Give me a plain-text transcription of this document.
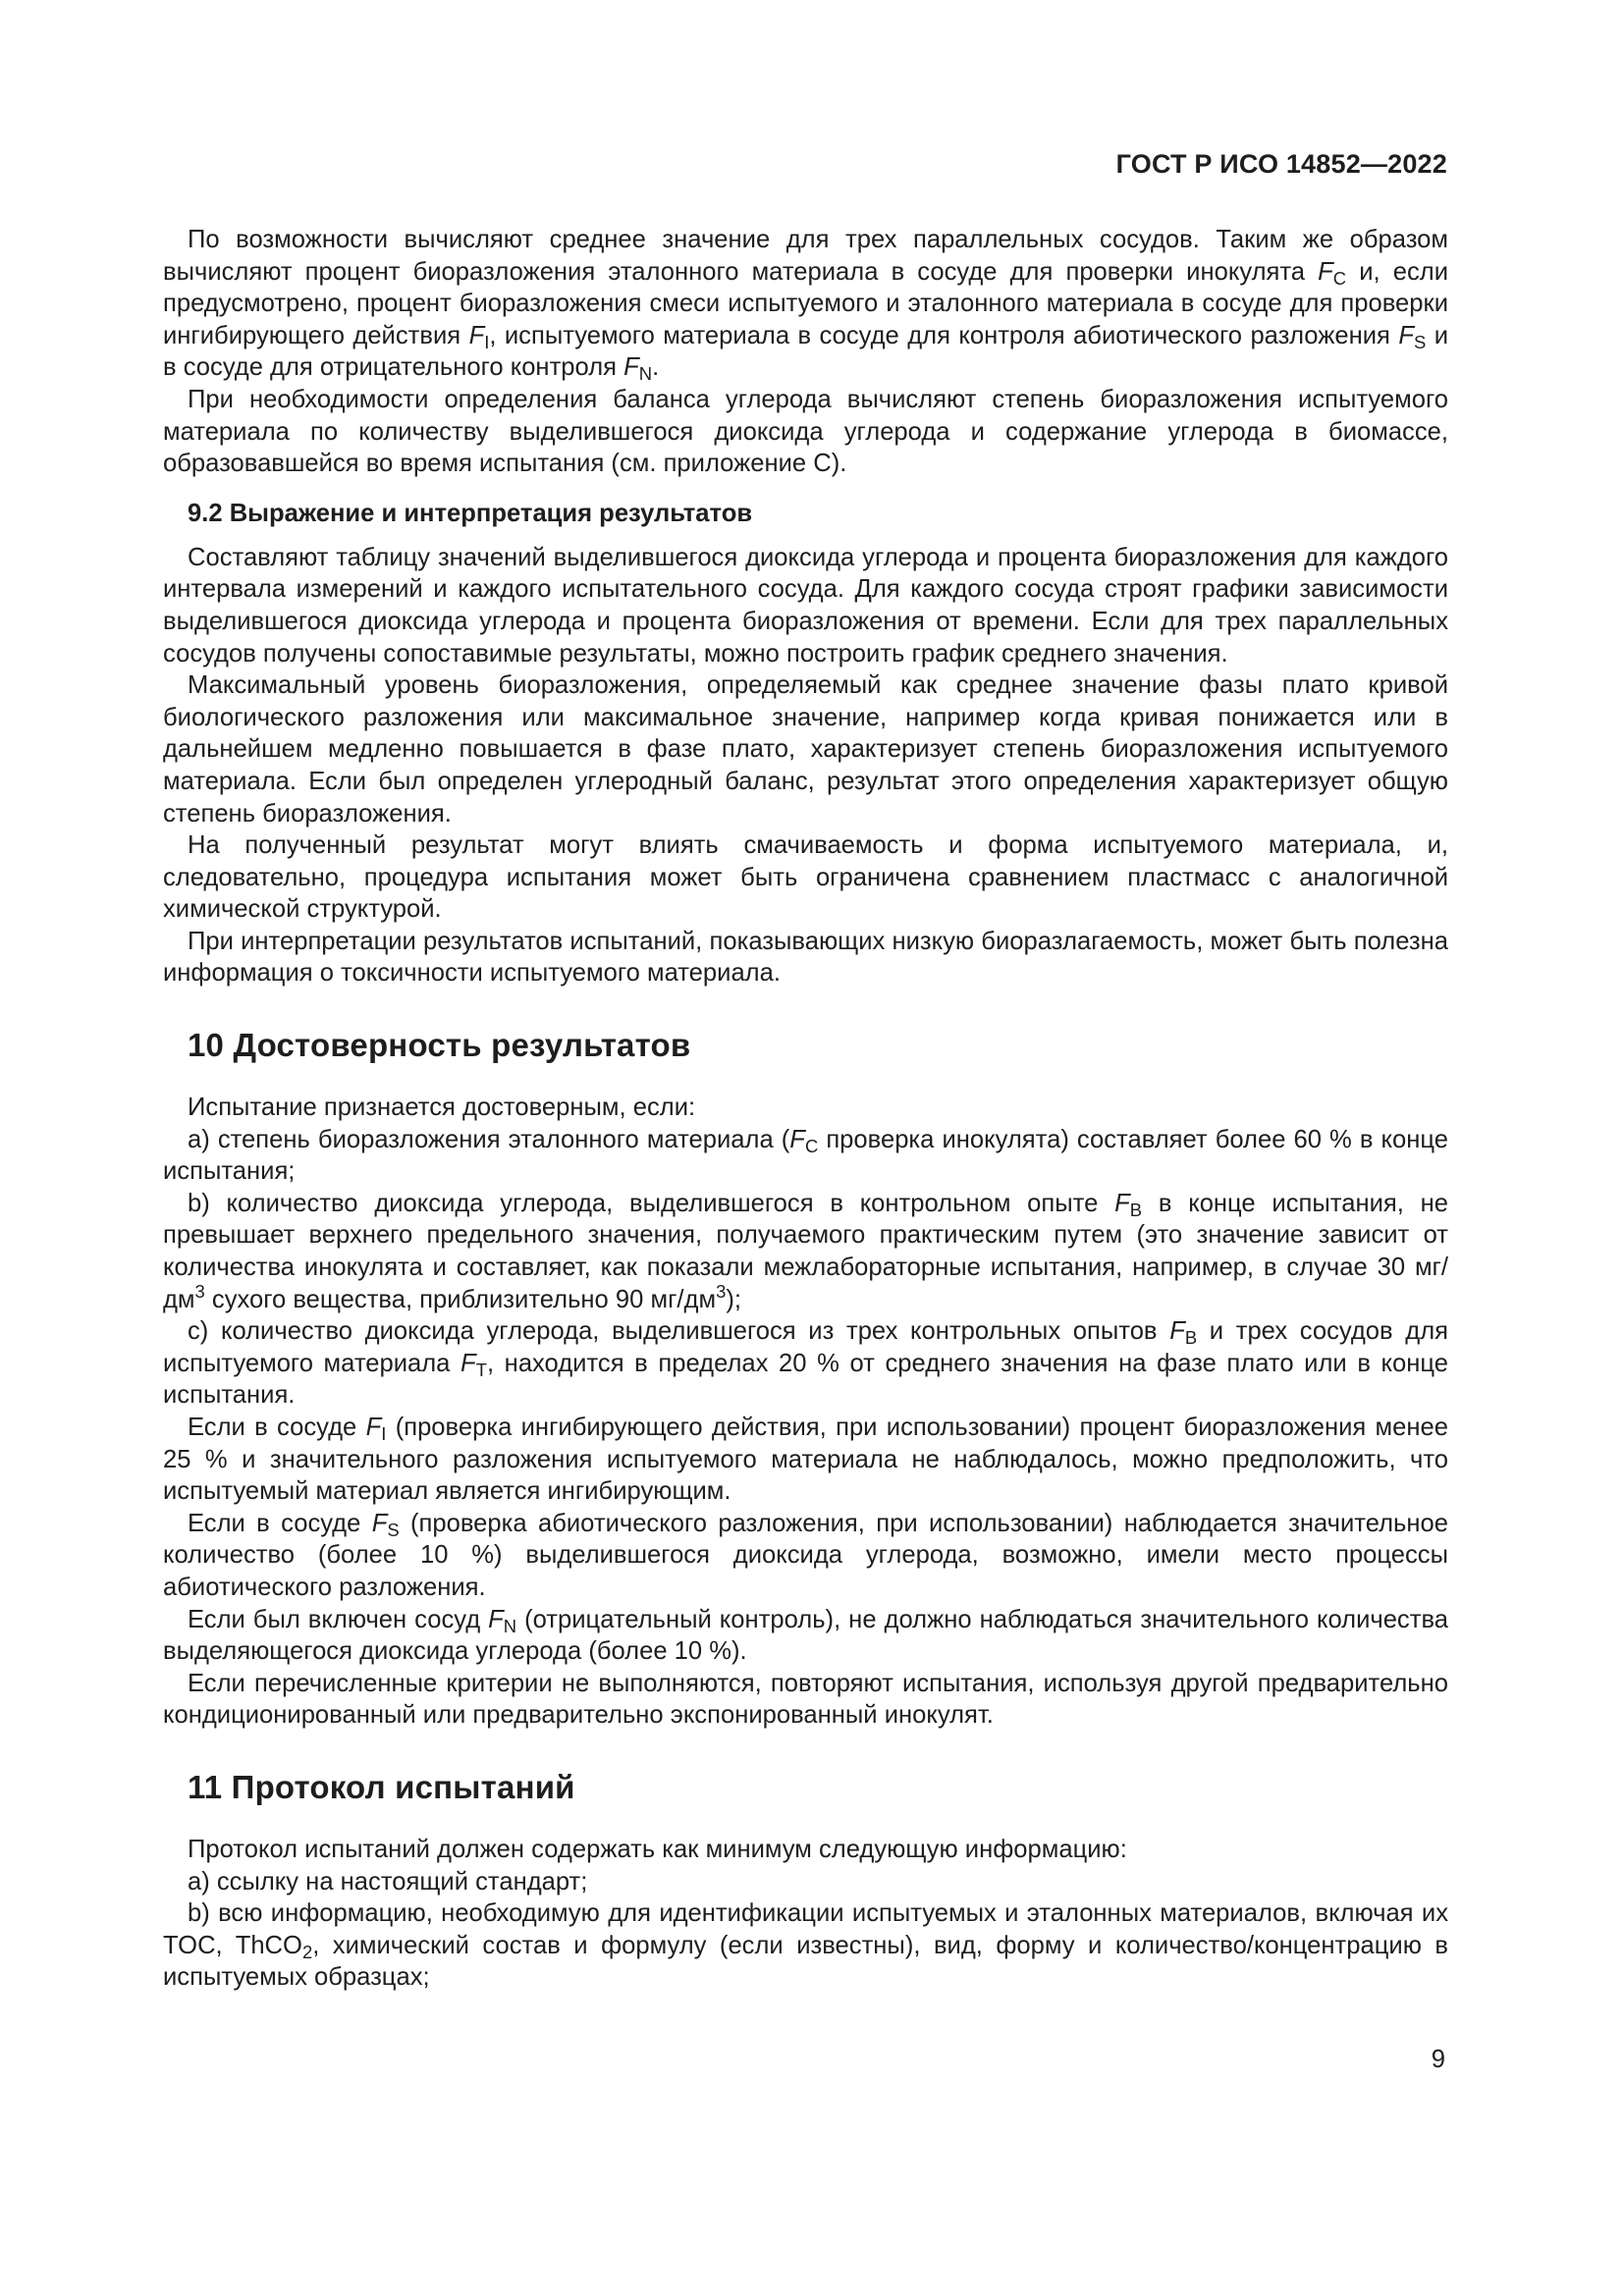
ГОСТ Р ИСО 14852—2022

По возможности вычисляют среднее значение для трех параллельных сосудов. Таким же образом вычисляют процент биоразложения эталонного материала в сосуде для проверки инокулята $F_C$ и, если предусмотрено, процент биоразложения смеси испытуемого и эталонного материала в сосуде для проверки ингибирующего действия $F_I$, испытуемого материала в сосуде для контроля абиотического разложения $F_S$ и в сосуде для отрицательного контроля $F_N$.

При необходимости определения баланса углерода вычисляют степень биоразложения испытуемого материала по количеству выделившегося диоксида углерода и содержание углерода в биомассе, образовавшейся во время испытания (см. приложение С).

9.2 Выражение и интерпретация результатов

Составляют таблицу значений выделившегося диоксида углерода и процента биоразложения для каждого интервала измерений и каждого испытательного сосуда. Для каждого сосуда строят графики зависимости выделившегося диоксида углерода и процента биоразложения от времени. Если для трех параллельных сосудов получены сопоставимые результаты, можно построить график среднего значения.

Максимальный уровень биоразложения, определяемый как среднее значение фазы плато кривой биологического разложения или максимальное значение, например когда кривая понижается или в дальнейшем медленно повышается в фазе плато, характеризует степень биоразложения испытуемого материала. Если был определен углеродный баланс, результат этого определения характеризует общую степень биоразложения.

На полученный результат могут влиять смачиваемость и форма испытуемого материала, и, следовательно, процедура испытания может быть ограничена сравнением пластмасс с аналогичной химической структурой.

При интерпретации результатов испытаний, показывающих низкую биоразлагаемость, может быть полезна информация о токсичности испытуемого материала.

10 Достоверность результатов

Испытание признается достоверным, если:

a) степень биоразложения эталонного материала ($F_C$ проверка инокулята) составляет более 60 % в конце испытания;

b) количество диоксида углерода, выделившегося в контрольном опыте $F_B$ в конце испытания, не превышает верхнего предельного значения, получаемого практическим путем (это значение зависит от количества инокулята и составляет, как показали межлабораторные испытания, например, в случае 30 $мг/дм^3$ сухого вещества, приблизительно 90 $мг/дм^3$);

c) количество диоксида углерода, выделившегося из трех контрольных опытов $F_B$ и трех сосудов для испытуемого материала $F_T$, находится в пределах 20 % от среднего значения на фазе плато или в конце испытания.

Если в сосуде $F_I$ (проверка ингибирующего действия, при использовании) процент биоразложения менее 25 % и значительного разложения испытуемого материала не наблюдалось, можно предположить, что испытуемый материал является ингибирующим.

Если в сосуде $F_S$ (проверка абиотического разложения, при использовании) наблюдается значительное количество (более 10 %) выделившегося диоксида углерода, возможно, имели место процессы абиотического разложения.

Если был включен сосуд $F_N$ (отрицательный контроль), не должно наблюдаться значительного количества выделяющегося диоксида углерода (более 10 %).

Если перечисленные критерии не выполняются, повторяют испытания, используя другой предварительно кондиционированный или предварительно экспонированный инокулят.

11 Протокол испытаний

Протокол испытаний должен содержать как минимум следующую информацию:

a) ссылку на настоящий стандарт;

b) всю информацию, необходимую для идентификации испытуемых и эталонных материалов, включая их TOC, ThCO$_2$, химический состав и формулу (если известны), вид, форму и количество/концентрацию в испытуемых образцах;

9
